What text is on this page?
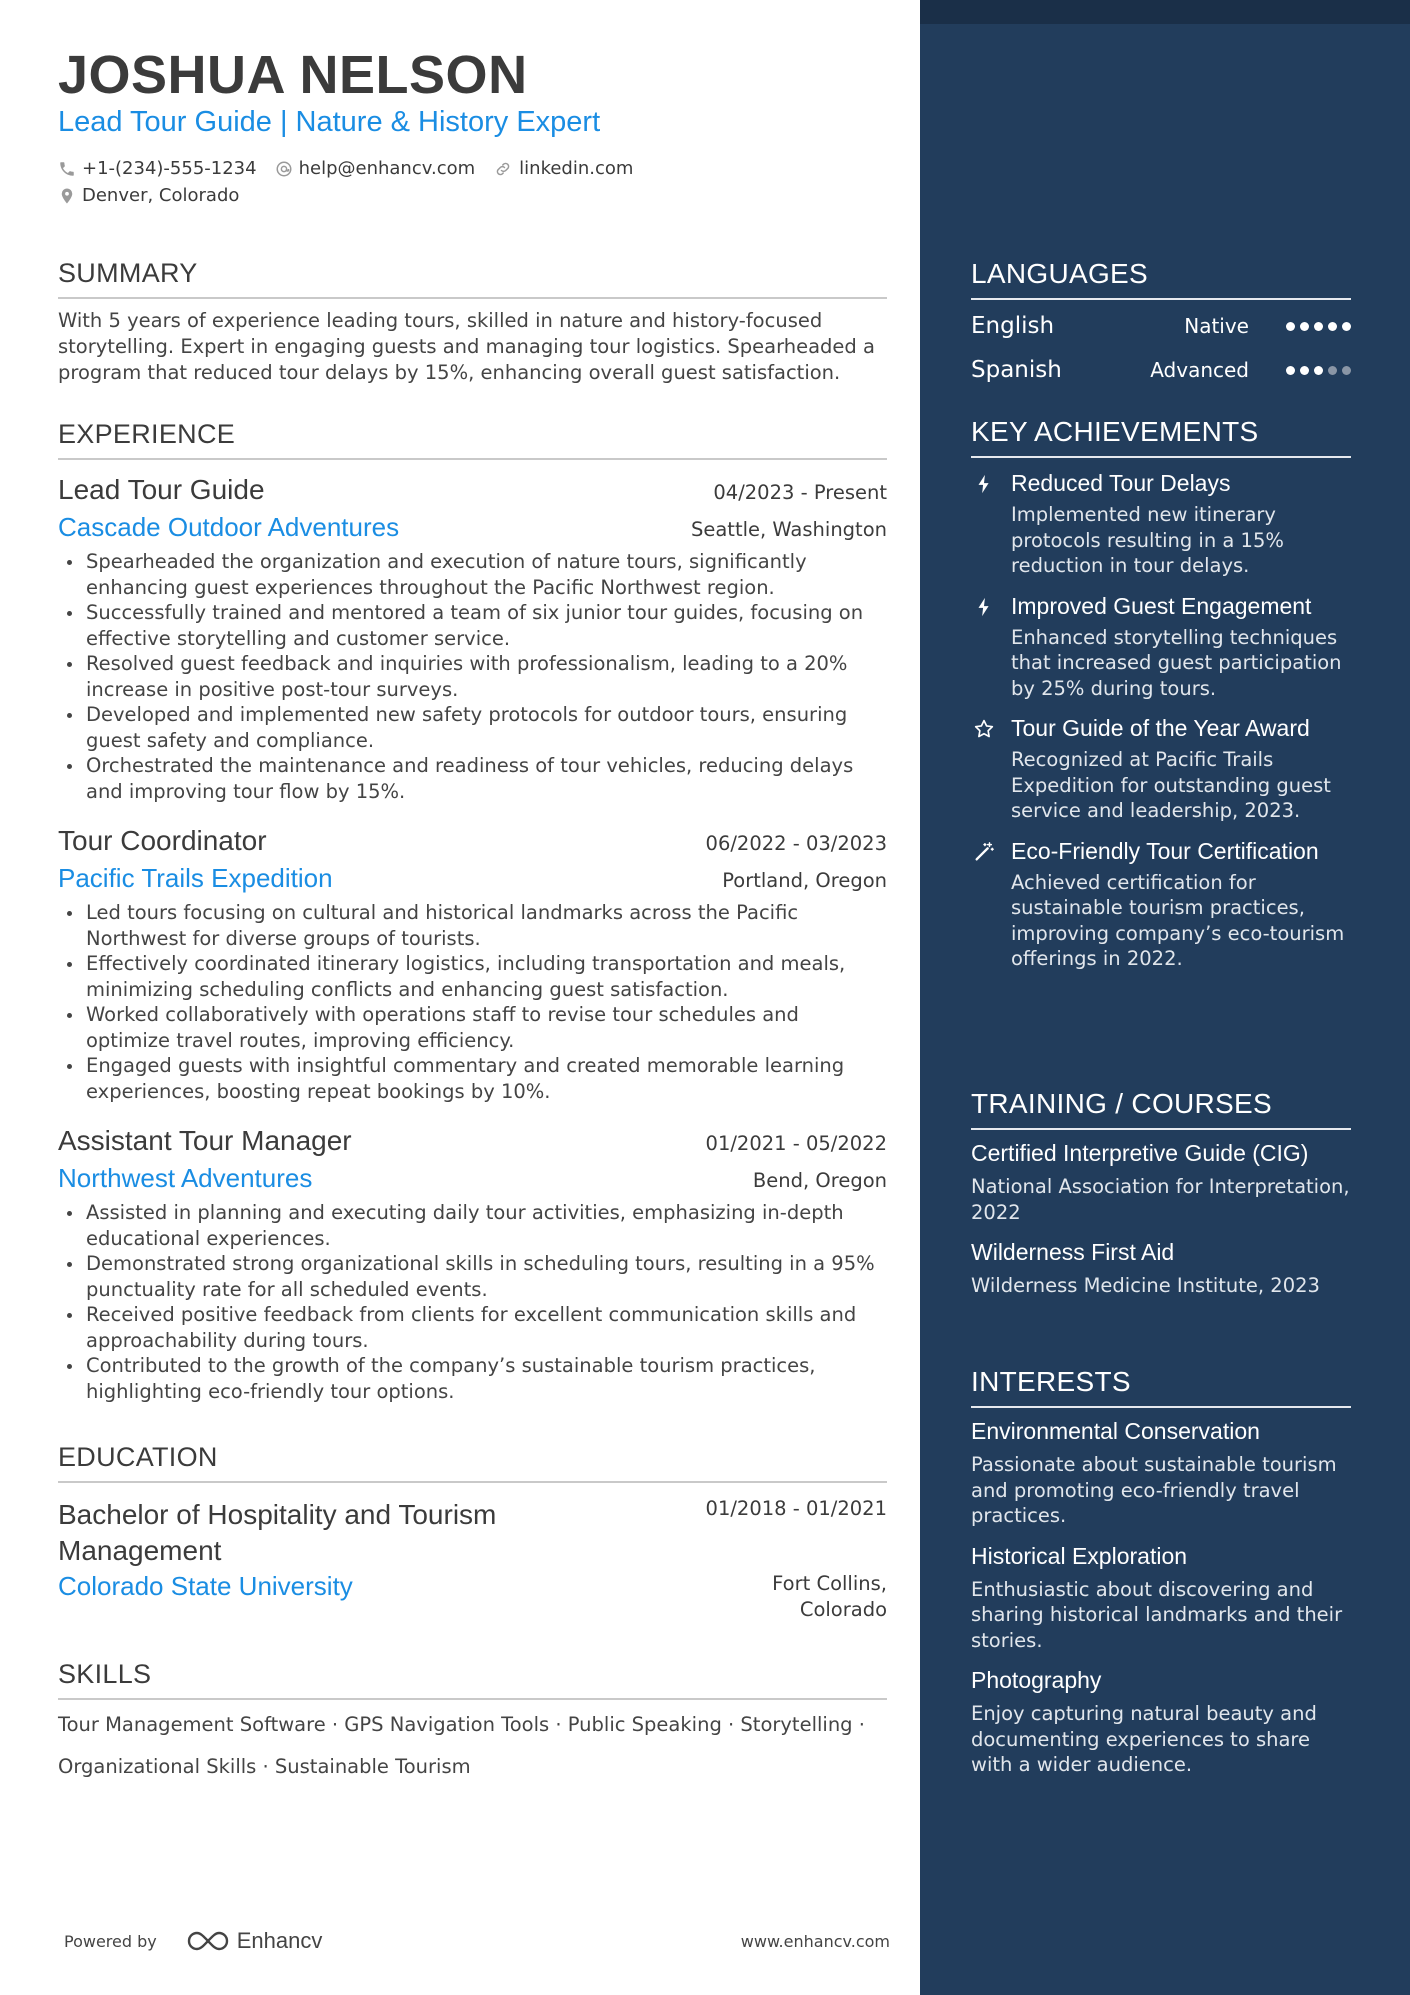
JOSHUA NELSON
Lead Tour Guide | Nature & History Expert
+1-(234)-555-1234 help@enhancv.com linkedin.com
Denver, Colorado
SUMMARY
With 5 years of experience leading tours, skilled in nature and history-focused storytelling. Expert in engaging guests and managing tour logistics. Spearheaded a program that reduced tour delays by 15%, enhancing overall guest satisfaction.
EXPERIENCE
Lead Tour Guide	04/2023 - Present
Cascade Outdoor Adventures	Seattle, Washington
Spearheaded the organization and execution of nature tours, significantly enhancing guest experiences throughout the Pacific Northwest region.
Successfully trained and mentored a team of six junior tour guides, focusing on effective storytelling and customer service.
Resolved guest feedback and inquiries with professionalism, leading to a 20% increase in positive post-tour surveys.
Developed and implemented new safety protocols for outdoor tours, ensuring guest safety and compliance.
Orchestrated the maintenance and readiness of tour vehicles, reducing delays and improving tour flow by 15%.
Tour Coordinator	06/2022 - 03/2023
Pacific Trails Expedition	Portland, Oregon
Led tours focusing on cultural and historical landmarks across the Pacific Northwest for diverse groups of tourists.
Effectively coordinated itinerary logistics, including transportation and meals, minimizing scheduling conflicts and enhancing guest satisfaction.
Worked collaboratively with operations staff to revise tour schedules and optimize travel routes, improving efficiency.
Engaged guests with insightful commentary and created memorable learning experiences, boosting repeat bookings by 10%.
Assistant Tour Manager	01/2021 - 05/2022
Northwest Adventures	Bend, Oregon
Assisted in planning and executing daily tour activities, emphasizing in-depth educational experiences.
Demonstrated strong organizational skills in scheduling tours, resulting in a 95% punctuality rate for all scheduled events.
Received positive feedback from clients for excellent communication skills and approachability during tours.
Contributed to the growth of the company’s sustainable tourism practices, highlighting eco-friendly tour options.
EDUCATION
Bachelor of Hospitality and Tourism Management
01/2018 - 01/2021
Colorado State University	Fort Collins, Colorado
SKILLS
Tour Management Software · GPS Navigation Tools · Public Speaking · Storytelling ·
Organizational Skills · Sustainable Tourism
Powered by	Enhancv	www.enhancv.com
LANGUAGES
English	Native
Spanish	Advanced
KEY ACHIEVEMENTS
Reduced Tour Delays
Implemented new itinerary protocols resulting in a 15% reduction in tour delays.
Improved Guest Engagement
Enhanced storytelling techniques that increased guest participation by 25% during tours.
Tour Guide of the Year Award
Recognized at Pacific Trails Expedition for outstanding guest service and leadership, 2023.
Eco-Friendly Tour Certification
Achieved certification for sustainable tourism practices, improving company’s eco-tourism offerings in 2022.
TRAINING / COURSES
Certified Interpretive Guide (CIG)
National Association for Interpretation, 2022
Wilderness First Aid
Wilderness Medicine Institute, 2023
INTERESTS
Environmental Conservation
Passionate about sustainable tourism and promoting eco-friendly travel practices.
Historical Exploration
Enthusiastic about discovering and sharing historical landmarks and their stories.
Photography
Enjoy capturing natural beauty and documenting experiences to share with a wider audience.
